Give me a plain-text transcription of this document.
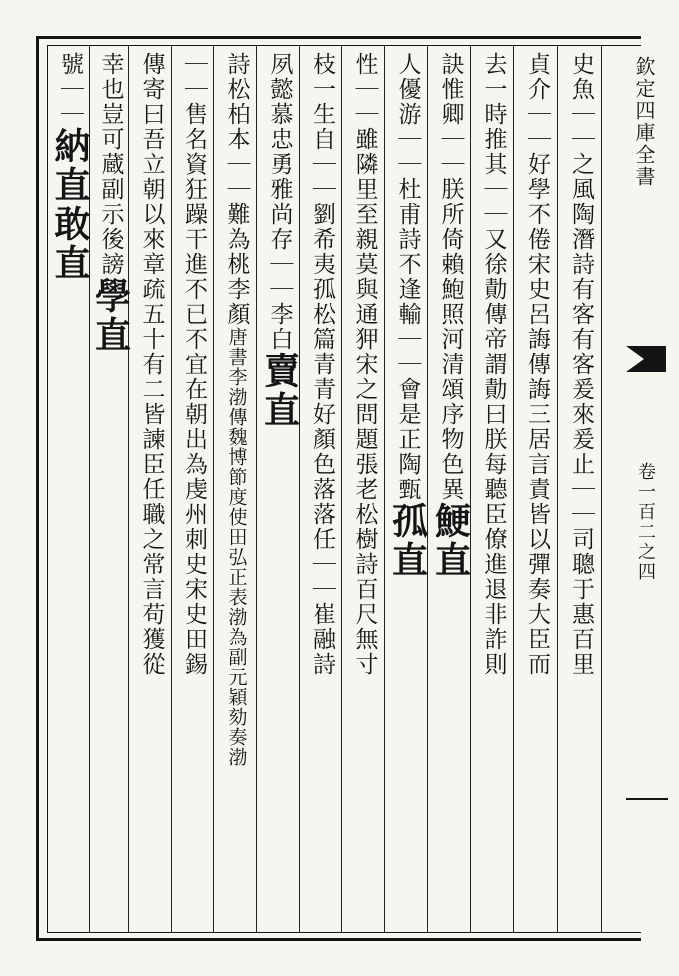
史魚｜｜之風陶潛詩有客有客爰來爰止｜｜司聰于惠百里
貞介｜｜好學不倦宋史呂誨傳誨三居言責皆以彈奏大臣而
去一時推其｜｜又徐勣傳帝謂勣曰朕每聽臣僚進退非詐則
訣惟卿｜｜朕所倚賴鮑照河清頌序物色異
鯁直
人優游｜｜杜甫詩不逢輸｜｜會是正陶甄
孤直
性｜｜雖隣里至親莫與通狎宋之問題張老松樹詩百尺無寸
枝一生自｜｜劉希夷孤松篇青青好顏色落落任｜｜崔融詩
夙懿慕忠勇雅尚存｜｜李白
賣直
詩松柏本｜｜難為桃李顏
唐書李渤傳魏博節度使田弘正表渤為副元穎劾奏渤
｜｜售名資狂躁干進不已不宜在朝出為虔州刺史宋史田錫
傳寄曰吾立朝以來章疏五十有二皆諫臣任職之常言苟獲從
幸也豈可蔵副示後謗
學直
號｜｜
納直
敢直
欽定四庫全書
卷一百二之四
